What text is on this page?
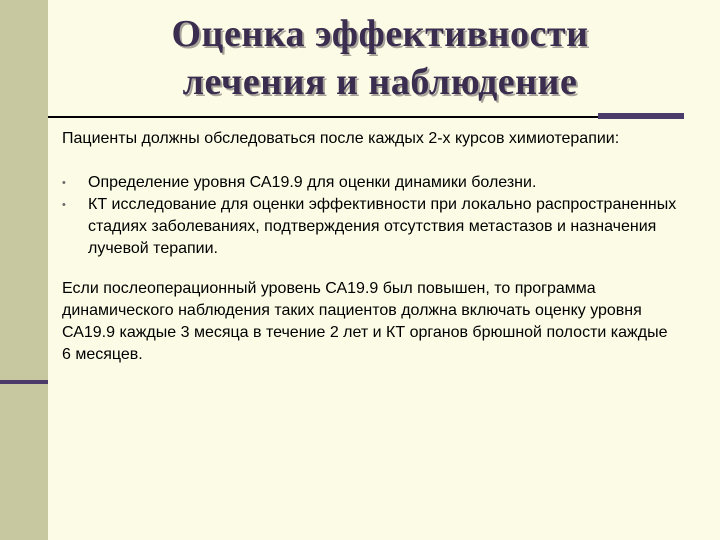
Оценка эффективности
лечения и наблюдение

Пациенты должны обследоваться после каждых 2-х курсов химиотерапии:

• Определение уровня СА19.9 для оценки динамики болезни.
• КТ исследование для оценки эффективности при локально распространенных стадиях заболеваниях, подтверждения отсутствия метастазов и назначения лучевой терапии.

Если послеоперационный уровень СА19.9 был повышен, то программа динамического наблюдения таких пациентов должна включать оценку уровня СА19.9 каждые 3 месяца в течение 2 лет и КТ органов брюшной полости каждые 6 месяцев.
